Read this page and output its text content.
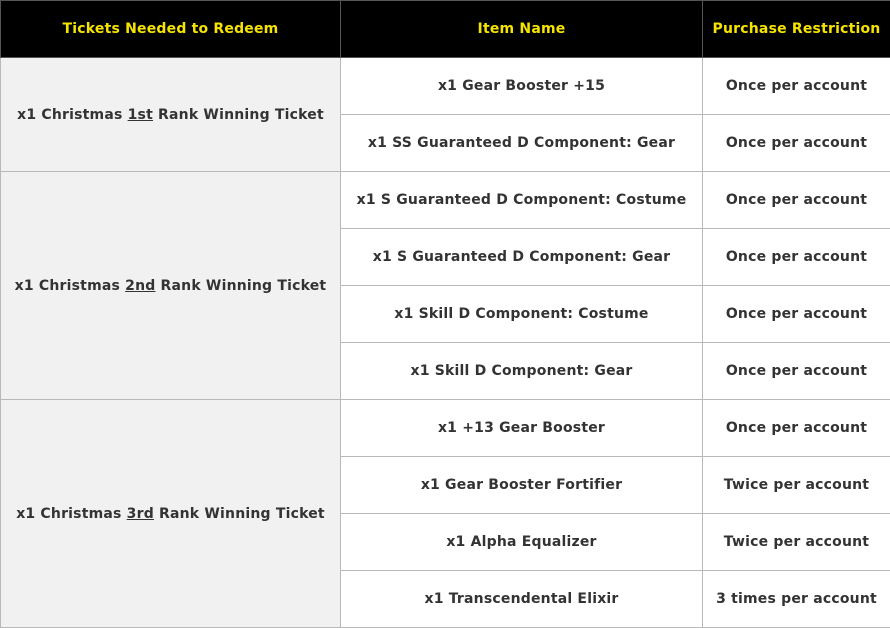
Tickets Needed to Redeem	Item Name	Purchase Restriction
x1 Christmas 1st Rank Winning Ticket	x1 Gear Booster +15	Once per account
	x1 SS Guaranteed D Component: Gear	Once per account
x1 Christmas 2nd Rank Winning Ticket	x1 S Guaranteed D Component: Costume	Once per account
	x1 S Guaranteed D Component: Gear	Once per account
	x1 Skill D Component: Costume	Once per account
	x1 Skill D Component: Gear	Once per account
x1 Christmas 3rd Rank Winning Ticket	x1 +13 Gear Booster	Once per account
	x1 Gear Booster Fortifier	Twice per account
	x1 Alpha Equalizer	Twice per account
	x1 Transcendental Elixir	3 times per account
